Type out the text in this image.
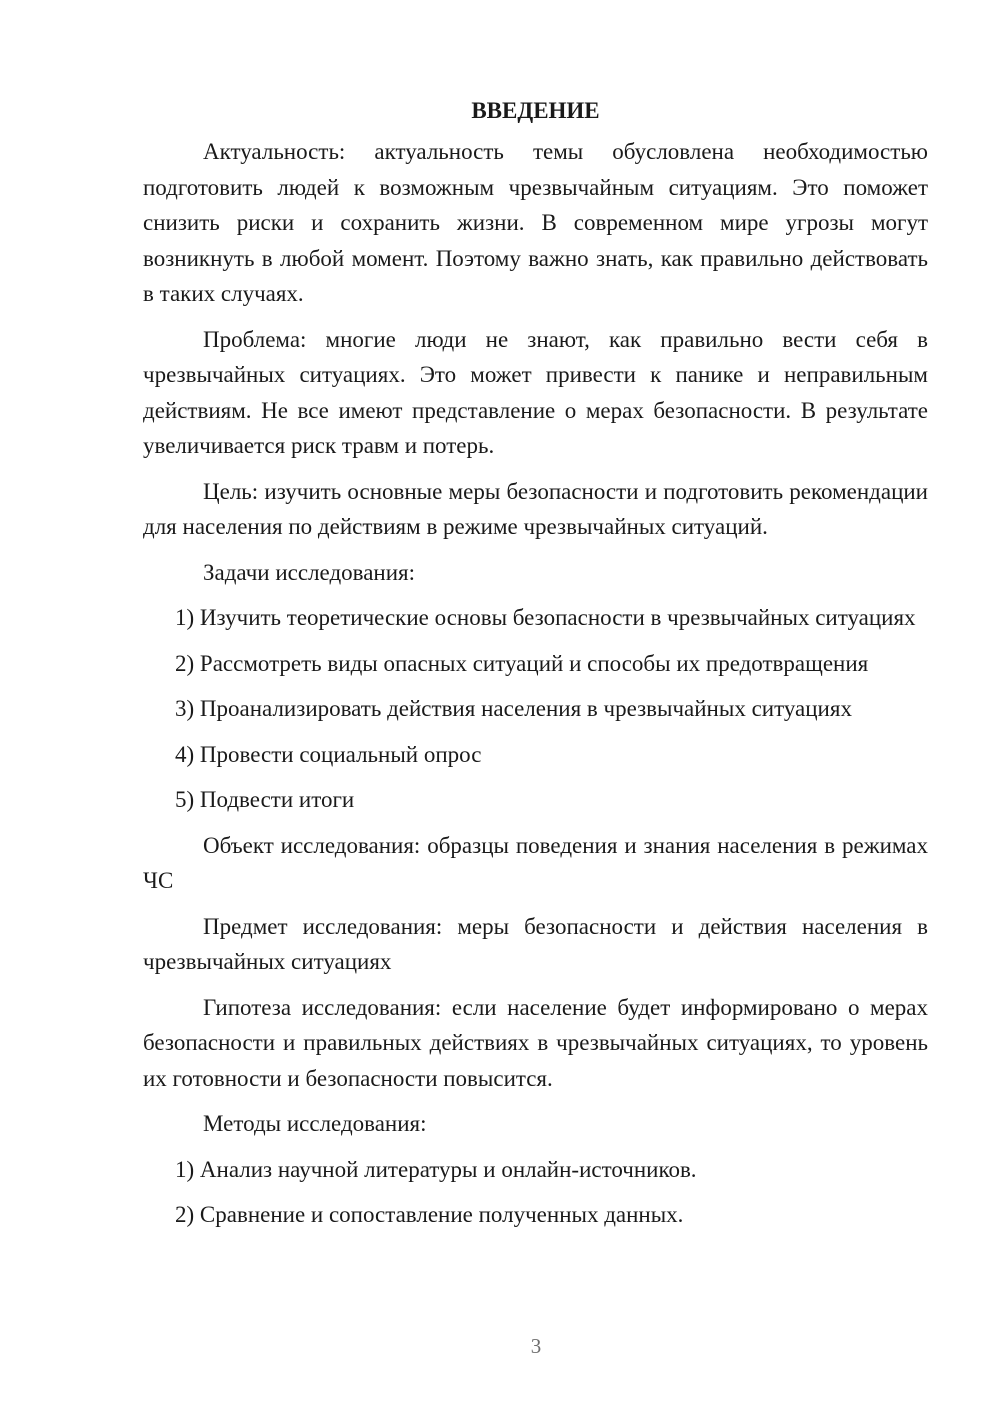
ВВЕДЕНИЕ

Актуальность: актуальность темы обусловлена необходимостью подготовить людей к возможным чрезвычайным ситуациям. Это поможет снизить риски и сохранить жизни. В современном мире угрозы могут возникнуть в любой момент. Поэтому важно знать, как правильно действовать в таких случаях.

Проблема: многие люди не знают, как правильно вести себя в чрезвычайных ситуациях. Это может привести к панике и неправильным действиям. Не все имеют представление о мерах безопасности. В результате увеличивается риск травм и потерь.

Цель: изучить основные меры безопасности и подготовить рекомендации для населения по действиям в режиме чрезвычайных ситуаций.

Задачи исследования:

1) Изучить теоретические основы безопасности в чрезвычайных ситуациях

2) Рассмотреть виды опасных ситуаций и способы их предотвращения

3) Проанализировать действия населения в чрезвычайных ситуациях

4) Провести социальный опрос

5) Подвести итоги

Объект исследования: образцы поведения и знания населения в режимах ЧС

Предмет исследования: меры безопасности и действия населения в чрезвычайных ситуациях

Гипотеза исследования: если население будет информировано о мерах безопасности и правильных действиях в чрезвычайных ситуациях, то уровень их готовности и безопасности повысится.

Методы исследования:

1) Анализ научной литературы и онлайн-источников.

2) Сравнение и сопоставление полученных данных.

3
